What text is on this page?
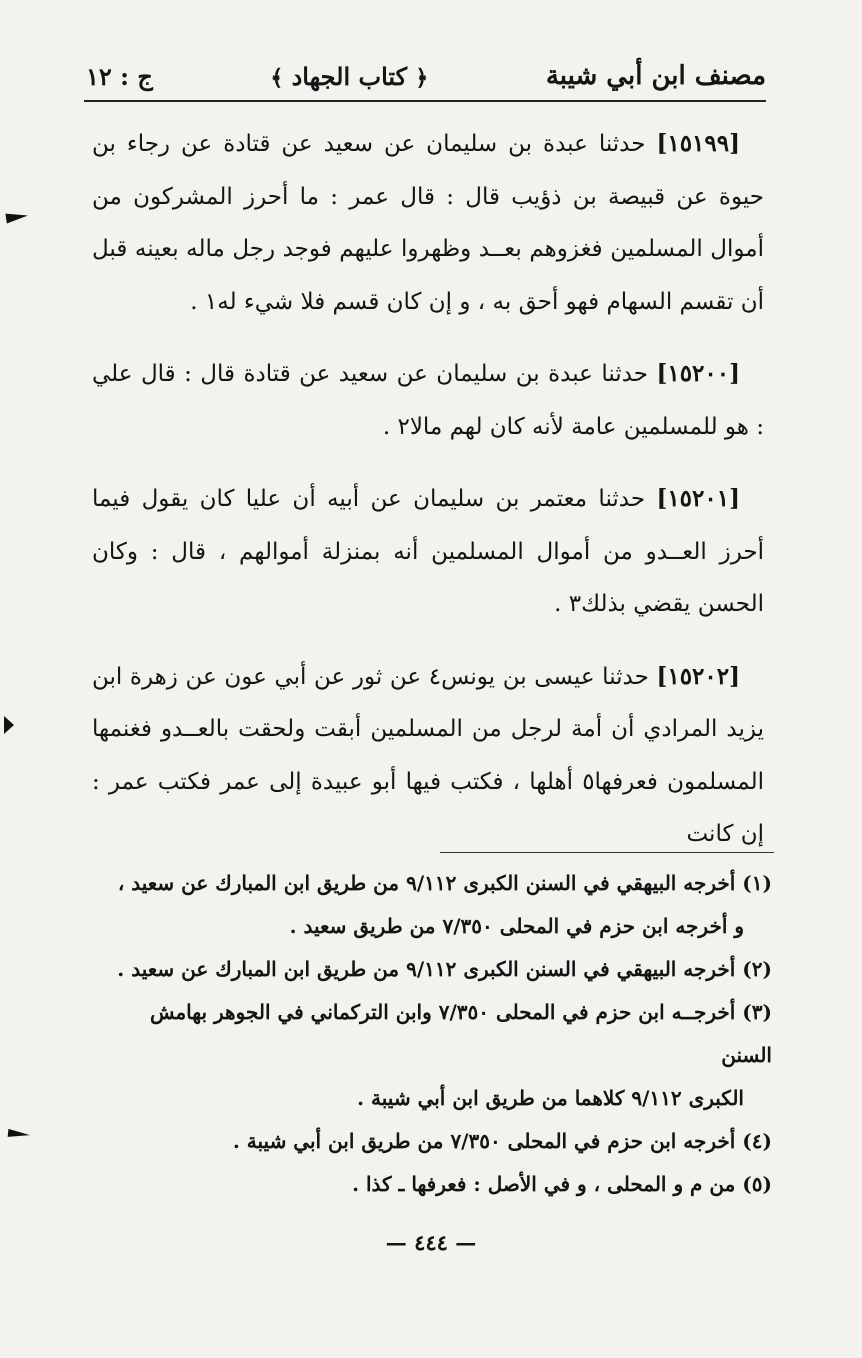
مصنف ابن أبي شيبة
﴿ كتاب الجهاد ﴾
ج : ١٢

[١٥١٩٩] حدثنا عبدة بن سليمان عن سعيد عن قتادة عن رجاء بن حيوة عن قبيصة بن ذؤيب قال : قال عمر : ما أحرز المشركون من أموال المسلمين فغزوهم بعــد وظهروا عليهم فوجد رجل ماله بعينه قبل أن تقسم السهام فهو أحق به ، و إن كان قسم فلا شيء له١ .

[١٥٢٠٠] حدثنا عبدة بن سليمان عن سعيد عن قتادة قال : قال علي : هو للمسلمين عامة لأنه كان لهم مالا٢ .

[١٥٢٠١] حدثنا معتمر بن سليمان عن أبيه أن عليا كان يقول فيما أحرز العــدو من أموال المسلمين أنه بمنزلة أموالهم ، قال : وكان الحسن يقضي بذلك٣ .

[١٥٢٠٢] حدثنا عيسى بن يونس٤ عن ثور عن أبي عون عن زهرة ابن يزيد المرادي أن أمة لرجل من المسلمين أبقت ولحقت بالعــدو فغنمها المسلمون فعرفها٥ أهلها ، فكتب فيها أبو عبيدة إلى عمر فكتب عمر : إن كانت

(١) أخرجه البيهقي في السنن الكبرى ٩/١١٢ من طريق ابن المبارك عن سعيد ،
و أخرجه ابن حزم في المحلى ٧/٣٥٠ من طريق سعيد .

(٢) أخرجه البيهقي في السنن الكبرى ٩/١١٢ من طريق ابن المبارك عن سعيد .

(٣) أخرجــه ابن حزم في المحلى ٧/٣٥٠ وابن التركماني في الجوهر بهامش السنن
الكبرى ٩/١١٢ كلاهما من طريق ابن أبي شيبة .

(٤) أخرجه ابن حزم في المحلى ٧/٣٥٠ من طريق ابن أبي شيبة .

(٥) من م و المحلى ، و في الأصل : فعرفها ـ كذا .

— ٤٤٤ —
